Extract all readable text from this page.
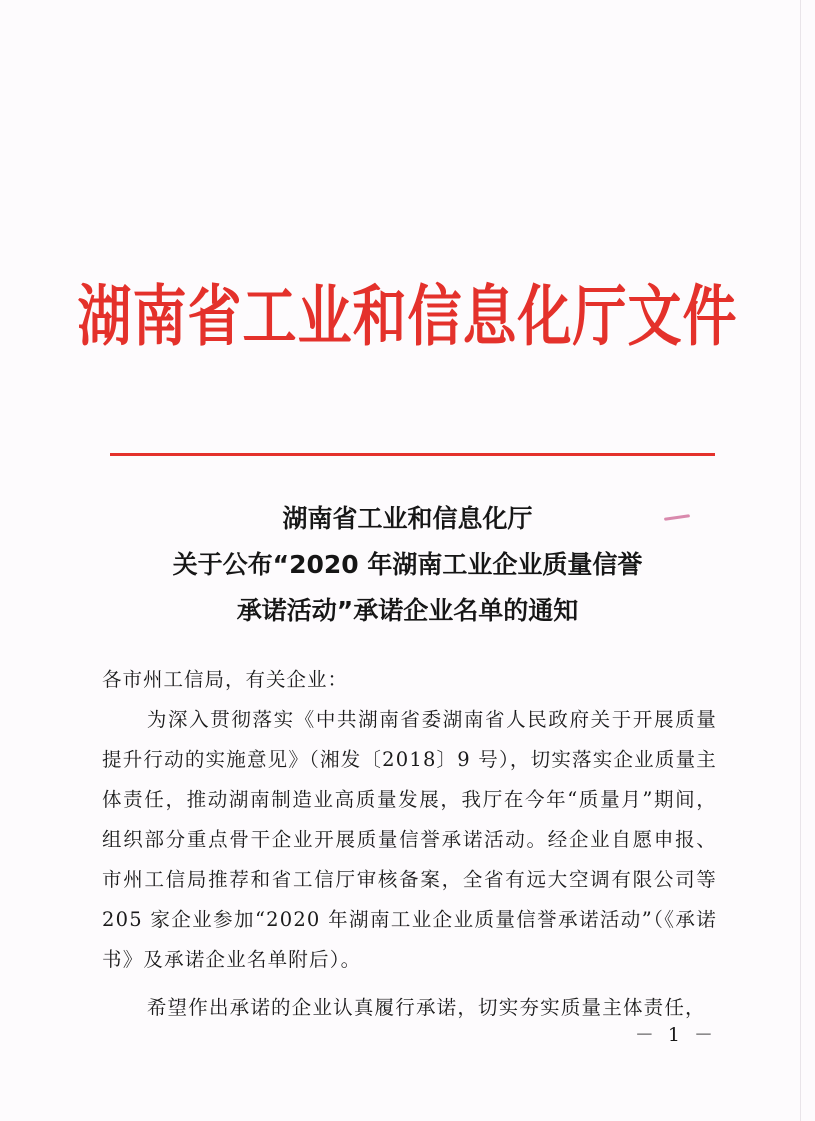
湖南省工业和信息化厅文件
湖南省工业和信息化厅
关于公布“2020 年湖南工业企业质量信誉
承诺活动”承诺企业名单的通知
各市州工信局，有关企业：

为深入贯彻落实《中共湖南省委湖南省人民政府关于开展质量提升行动的实施意见》（湘发〔2018〕9 号），切实落实企业质量主体责任，推动湖南制造业高质量发展，我厅在今年“质量月”期间，组织部分重点骨干企业开展质量信誉承诺活动。经企业自愿申报、市州工信局推荐和省工信厅审核备案，全省有远大空调有限公司等 205 家企业参加“2020 年湖南工业企业质量信誉承诺活动”（《承诺书》及承诺企业名单附后）。

希望作出承诺的企业认真履行承诺，切实夯实质量主体责任，

－ 1 －
